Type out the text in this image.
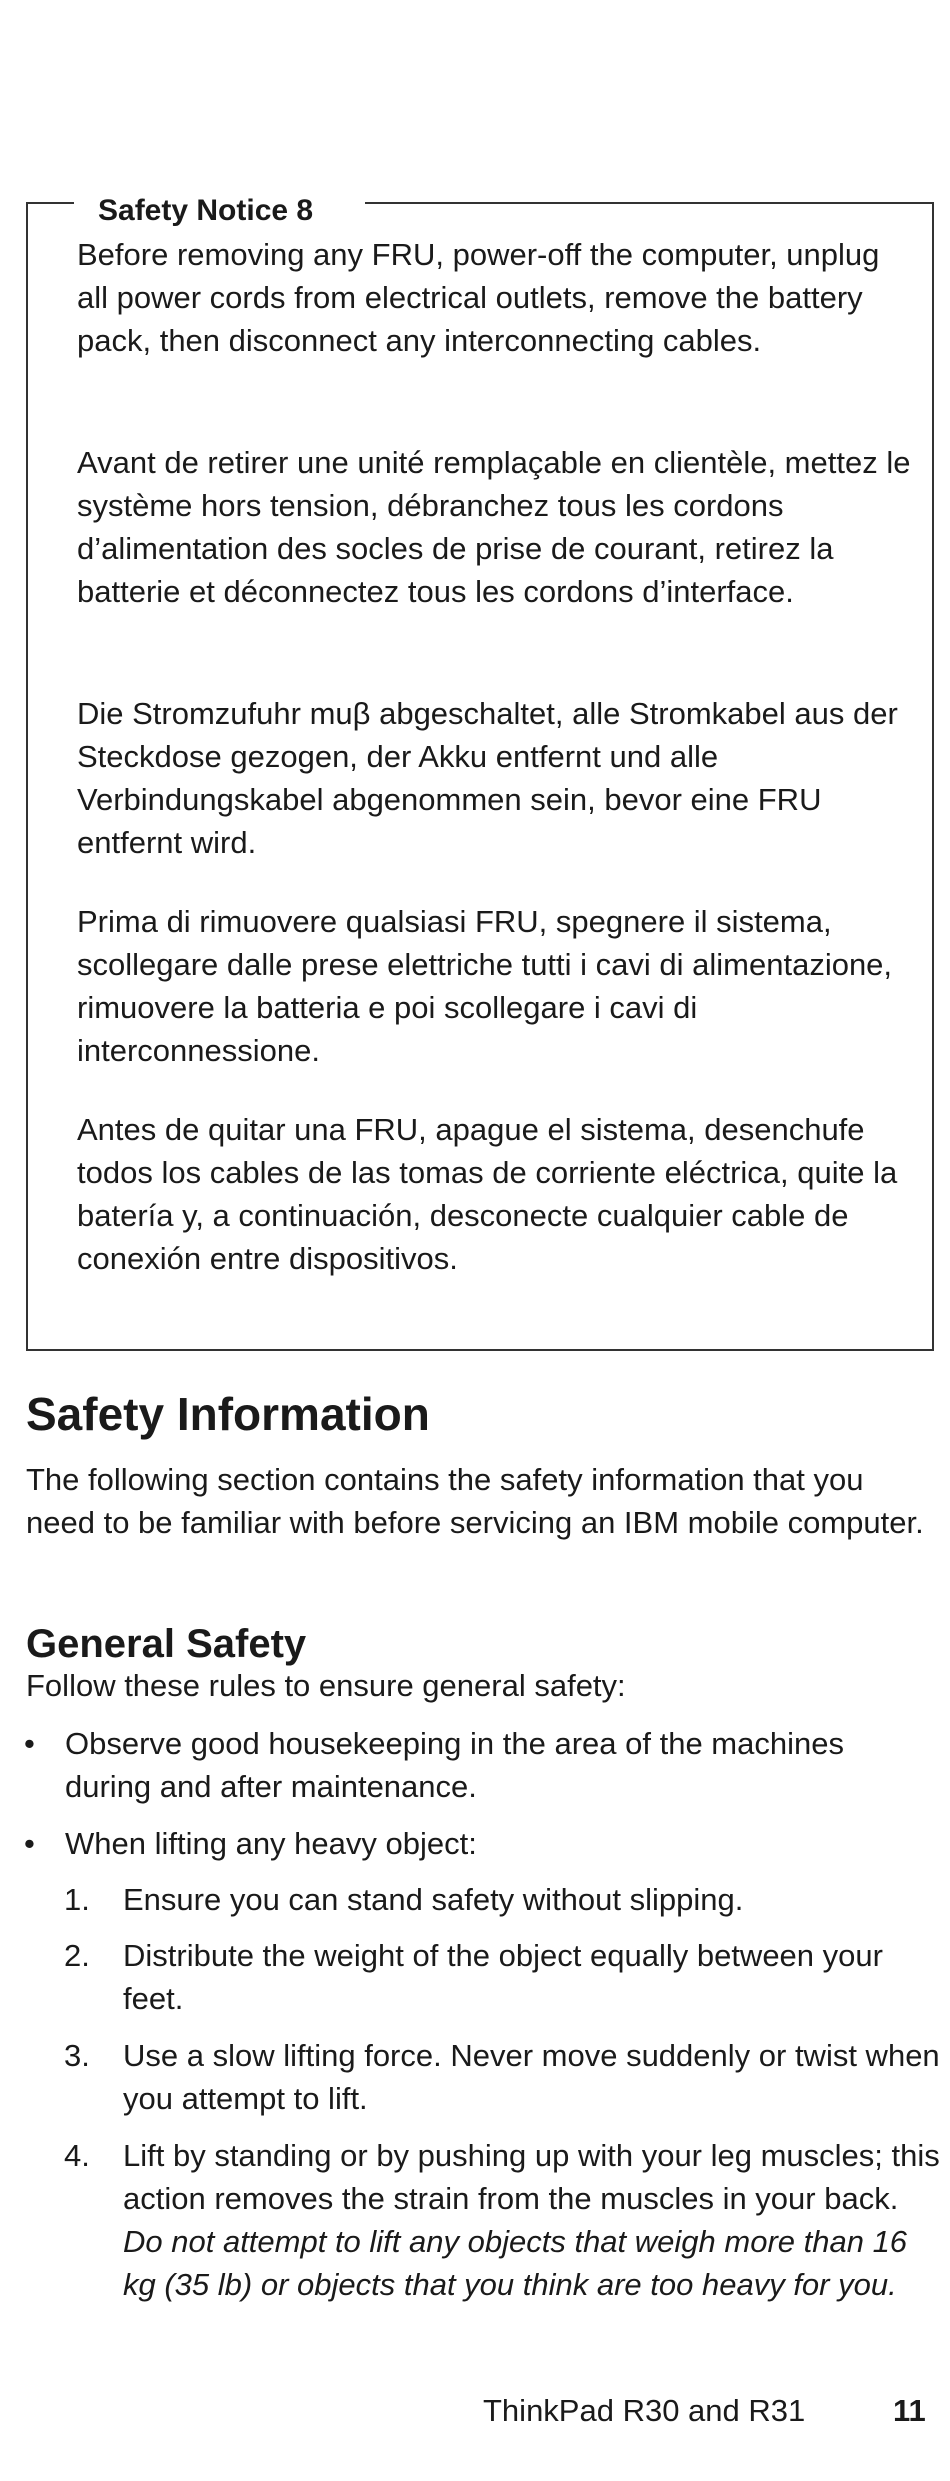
Safety Notice 8

Before removing any FRU, power-off the computer, unplug all power cords from electrical outlets, remove the battery pack, then disconnect any interconnecting cables.

Avant de retirer une unité remplaçable en clientèle, mettez le système hors tension, débranchez tous les cordons d’alimentation des socles de prise de courant, retirez la batterie et déconnectez tous les cordons d’interface.

Die Stromzufuhr muβ abgeschaltet, alle Stromkabel aus der Steckdose gezogen, der Akku entfernt und alle Verbindungskabel abgenommen sein, bevor eine FRU entfernt wird.

Prima di rimuovere qualsiasi FRU, spegnere il sistema, scollegare dalle prese elettriche tutti i cavi di alimentazione, rimuovere la batteria e poi scollegare i cavi di interconnessione.

Antes de quitar una FRU, apague el sistema, desenchufe todos los cables de las tomas de corriente eléctrica, quite la batería y, a continuación, desconecte cualquier cable de conexión entre dispositivos.

Safety Information

The following section contains the safety information that you need to be familiar with before servicing an IBM mobile computer.

General Safety

Follow these rules to ensure general safety:

• Observe good housekeeping in the area of the machines during and after maintenance.

• When lifting any heavy object:

1. Ensure you can stand safety without slipping.

2. Distribute the weight of the object equally between your feet.

3. Use a slow lifting force. Never move suddenly or twist when you attempt to lift.

4. Lift by standing or by pushing up with your leg muscles; this action removes the strain from the muscles in your back. Do not attempt to lift any objects that weigh more than 16 kg (35 lb) or objects that you think are too heavy for you.

ThinkPad R30 and R31	11
